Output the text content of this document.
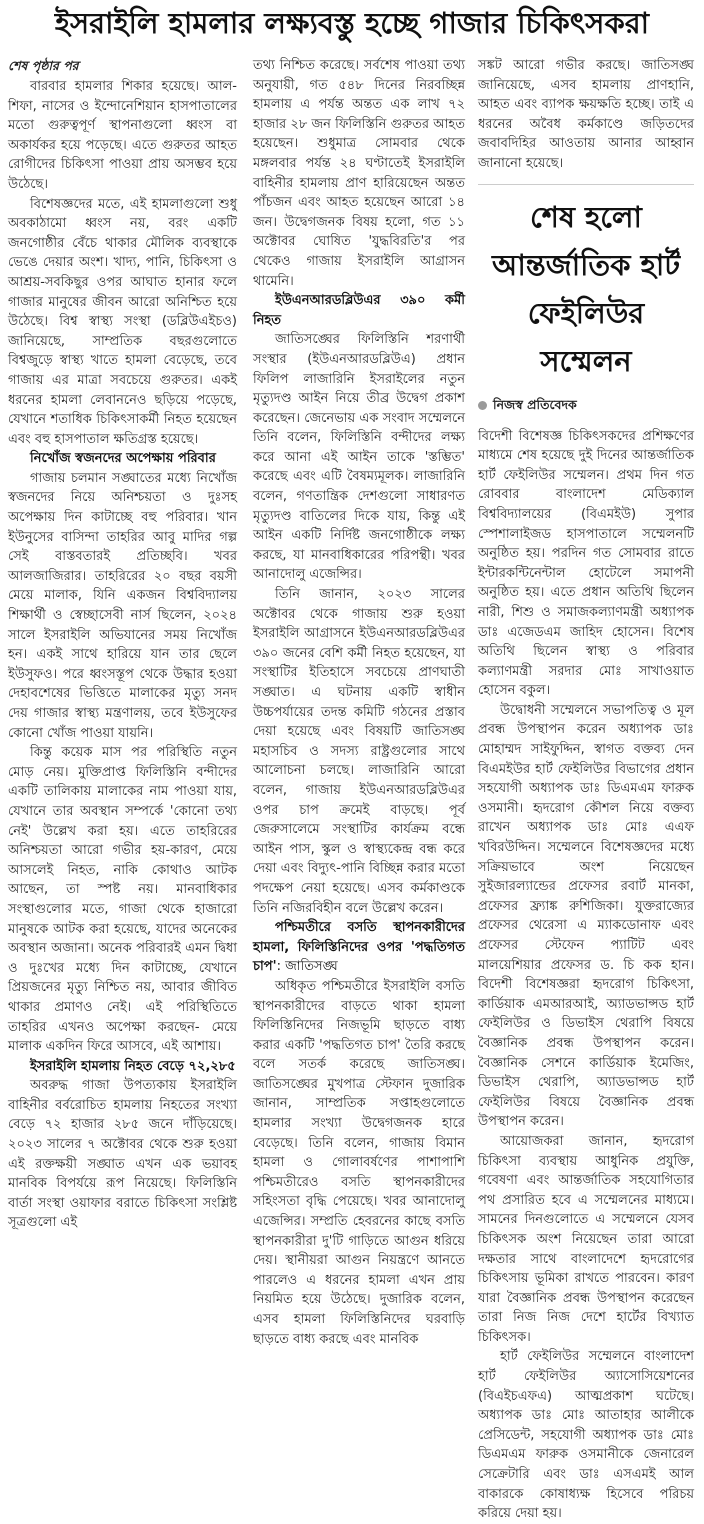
ইসরাইলি হামলার লক্ষ্যবস্তু হচ্ছে গাজার চিকিৎসকরা
শেষ পৃষ্ঠার পর

বারবার হামলার শিকার হয়েছে। আল-শিফা, নাসের ও ইন্দোনেশিয়ান হাসপাতালের মতো গুরুত্বপূর্ণ স্থাপনাগুলো ধ্বংস বা অকার্যকর হয়ে পড়েছে। এতে গুরুতর আহত রোগীদের চিকিৎসা পাওয়া প্রায় অসম্ভব হয়ে উঠেছে।

বিশেষজ্ঞদের মতে, এই হামলাগুলো শুধু অবকাঠামো ধ্বংস নয়, বরং একটি জনগোষ্ঠীর বেঁচে থাকার মৌলিক ব্যবস্থাকে ভেঙে দেয়ার অংশ। খাদ্য, পানি, চিকিৎসা ও আশ্রয়-সবকিছুর ওপর আঘাত হানার ফলে গাজার মানুষের জীবন আরো অনিশ্চিত হয়ে উঠেছে। বিশ্ব স্বাস্থ্য সংস্থা (ডব্লিউএইচও) জানিয়েছে, সাম্প্রতিক বছরগুলোতে বিশ্বজুড়ে স্বাস্থ্য খাতে হামলা বেড়েছে, তবে গাজায় এর মাত্রা সবচেয়ে গুরুতর। একই ধরনের হামলা লেবাননেও ছড়িয়ে পড়েছে, যেখানে শতাধিক চিকিৎসাকর্মী নিহত হয়েছেন এবং বহু হাসপাতাল ক্ষতিগ্রস্ত হয়েছে।

নিখোঁজ স্বজনদের অপেক্ষায় পরিবার

গাজায় চলমান সঙ্ঘাতের মধ্যে নিখোঁজ স্বজনদের নিয়ে অনিশ্চয়তা ও দুঃসহ অপেক্ষায় দিন কাটাচ্ছে বহু পরিবার। খান ইউনুসের বাসিন্দা তাহরির আবু মাদির গল্প সেই বাস্তবতারই প্রতিচ্ছবি। খবর আলজাজিরার। তাহরিরের ২০ বছর বয়সী মেয়ে মালাক, যিনি একজন বিশ্ববিদ্যালয় শিক্ষার্থী ও স্বেচ্ছাসেবী নার্স ছিলেন, ২০২৪ সালে ইসরাইলি অভিযানের সময় নিখোঁজ হন। একই সাথে হারিয়ে যান তার ছেলে ইউসুফও। পরে ধ্বংসস্তূপ থেকে উদ্ধার হওয়া দেহাবশেষের ভিত্তিতে মালাকের মৃত্যু সনদ দেয় গাজার স্বাস্থ্য মন্ত্রণালয়, তবে ইউসুফের কোনো খোঁজ পাওয়া যায়নি।

কিন্তু কয়েক মাস পর পরিস্থিতি নতুন মোড় নেয়। মুক্তিপ্রাপ্ত ফিলিস্তিনি বন্দীদের একটি তালিকায় মালাকের নাম পাওয়া যায়, যেখানে তার অবস্থান সম্পর্কে 'কোনো তথ্য নেই' উল্লেখ করা হয়। এতে তাহরিরের অনিশ্চয়তা আরো গভীর হয়-কারণ, মেয়ে আসলেই নিহত, নাকি কোথাও আটক আছেন, তা স্পষ্ট নয়। মানবাধিকার সংস্থাগুলোর মতে, গাজা থেকে হাজারো মানুষকে আটক করা হয়েছে, যাদের অনেকের অবস্থান অজানা। অনেক পরিবারই এমন দ্বিধা ও দুঃখের মধ্যে দিন কাটাচ্ছে, যেখানে প্রিয়জনের মৃত্যু নিশ্চিত নয়, আবার জীবিত থাকার প্রমাণও নেই। এই পরিস্থিতিতে তাহরির এখনও অপেক্ষা করছেন- মেয়ে মালাক একদিন ফিরে আসবে, এই আশায়।

ইসরাইলি হামলায় নিহত বেড়ে ৭২,২৮৫

অবরুদ্ধ গাজা উপত্যকায় ইসরাইলি বাহিনীর বর্বরোচিত হামলায় নিহতের সংখ্যা বেড়ে ৭২ হাজার ২৮৫ জনে দাঁড়িয়েছে। ২০২৩ সালের ৭ অক্টোবর থেকে শুরু হওয়া এই রক্তক্ষয়ী সঙ্ঘাত এখন এক ভয়াবহ মানবিক বিপর্যয়ে রূপ নিয়েছে। ফিলিস্তিনি বার্তা সংস্থা ওয়াফার বরাতে চিকিৎসা সংশ্লিষ্ট সূত্রগুলো এই

তথ্য নিশ্চিত করেছে। সর্বশেষ পাওয়া তথ্য অনুযায়ী, গত ৫৪৮ দিনের নিরবচ্ছিন্ন হামলায় এ পর্যন্ত অন্তত এক লাখ ৭২ হাজার ২৮ জন ফিলিস্তিনি গুরুতর আহত হয়েছেন। শুধুমাত্র সোমবার থেকে মঙ্গলবার পর্যন্ত ২৪ ঘণ্টাতেই ইসরাইলি বাহিনীর হামলায় প্রাণ হারিয়েছেন অন্তত পাঁচজন এবং আহত হয়েছেন আরো ১৪ জন। উদ্বেগজনক বিষয় হলো, গত ১১ অক্টোবর ঘোষিত 'যুদ্ধবিরতি'র পর থেকেও গাজায় ইসরাইলি আগ্রাসন থামেনি।

ইউএনআরডব্লিউএর ৩৯০ কর্মী নিহত

জাতিসঙ্ঘের ফিলিস্তিনি শরণার্থী সংস্থার (ইউএনআরডব্লিউএ) প্রধান ফিলিপ লাজারিনি ইসরাইলের নতুন মৃত্যুদণ্ড আইন নিয়ে তীব্র উদ্বেগ প্রকাশ করেছেন। জেনেভায় এক সংবাদ সম্মেলনে তিনি বলেন, ফিলিস্তিনি বন্দীদের লক্ষ্য করে আনা এই আইন তাকে 'স্তম্ভিত' করেছে এবং এটি বৈষম্যমূলক। লাজারিনি বলেন, গণতান্ত্রিক দেশগুলো সাধারণত মৃত্যুদণ্ড বাতিলের দিকে যায়, কিন্তু এই আইন একটি নির্দিষ্ট জনগোষ্ঠীকে লক্ষ্য করছে, যা মানবাধিকারের পরিপন্থী। খবর আনাদোলু এজেন্সির।

তিনি জানান, ২০২৩ সালের অক্টোবর থেকে গাজায় শুরু হওয়া ইসরাইলি আগ্রাসনে ইউএনআরডব্লিউএর ৩৯০ জনের বেশি কর্মী নিহত হয়েছেন, যা সংস্থাটির ইতিহাসে সবচেয়ে প্রাণঘাতী সঙ্ঘাত। এ ঘটনায় একটি স্বাধীন উচ্চপর্যায়ের তদন্ত কমিটি গঠনের প্রস্তাব দেয়া হয়েছে এবং বিষয়টি জাতিসঙ্ঘ মহাসচিব ও সদস্য রাষ্ট্রগুলোর সাথে আলোচনা চলছে। লাজারিনি আরো বলেন, গাজায় ইউএনআরডব্লিউএর ওপর চাপ ক্রমেই বাড়ছে। পূর্ব জেরুসালেমে সংস্থাটির কার্যক্রম বন্ধে আইন পাস, স্কুল ও স্বাস্থ্যকেন্দ্র বন্ধ করে দেয়া এবং বিদ্যুৎ-পানি বিচ্ছিন্ন করার মতো পদক্ষেপ নেয়া হয়েছে। এসব কর্মকাণ্ডকে তিনি নজিরবিহীন বলে উল্লেখ করেন।

পশ্চিমতীরে বসতি স্থাপনকারীদের হামলা, ফিলিস্তিনিদের ওপর 'পদ্ধতিগত চাপ': জাতিসঙ্ঘ

অধিকৃত পশ্চিমতীরে ইসরাইলি বসতি স্থাপনকারীদের বাড়তে থাকা হামলা ফিলিস্তিনিদের নিজভূমি ছাড়তে বাধ্য করার একটি 'পদ্ধতিগত চাপ' তৈরি করছে বলে সতর্ক করেছে জাতিসঙ্ঘ। জাতিসঙ্ঘের মুখপাত্র স্টেফান দুজারিক জানান, সাম্প্রতিক সপ্তাহগুলোতে হামলার সংখ্যা উদ্বেগজনক হারে বেড়েছে। তিনি বলেন, গাজায় বিমান হামলা ও গোলাবর্ষণের পাশাপাশি পশ্চিমতীরেও বসতি স্থাপনকারীদের সহিংসতা বৃদ্ধি পেয়েছে। খবর আনাদোলু এজেন্সির। সম্প্রতি হেবরনের কাছে বসতি স্থাপনকারীরা দু'টি গাড়িতে আগুন ধরিয়ে দেয়। স্থানীয়রা আগুন নিয়ন্ত্রণে আনতে পারলেও এ ধরনের হামলা এখন প্রায় নিয়মিত হয়ে উঠেছে। দুজারিক বলেন, এসব হামলা ফিলিস্তিনিদের ঘরবাড়ি ছাড়তে বাধ্য করছে এবং মানবিক

সঙ্কট আরো গভীর করছে। জাতিসঙ্ঘ জানিয়েছে, এসব হামলায় প্রাণহানি, আহত এবং ব্যাপক ক্ষয়ক্ষতি হচ্ছে। তাই এ ধরনের অবৈধ কর্মকাণ্ডে জড়িতদের জবাবদিহির আওতায় আনার আহ্বান জানানো হয়েছে।

শেষ হলো আন্তর্জাতিক হার্ট ফেইলিউর সম্মেলন
নিজস্ব প্রতিবেদক

বিদেশী বিশেষজ্ঞ চিকিৎসকদের প্রশিক্ষণের মাধ্যমে শেষ হয়েছে দুই দিনের আন্তর্জাতিক হার্ট ফেইলিউর সম্মেলন। প্রথম দিন গত রোববার বাংলাদেশ মেডিক্যাল বিশ্ববিদ্যালয়ের (বিএমইউ) সুপার স্পেশালাইজড হাসপাতালে সম্মেলনটি অনুষ্ঠিত হয়। পরদিন গত সোমবার রাতে ইন্টারকন্টিনেন্টাল হোটেলে সমাপনী অনুষ্ঠিত হয়। এতে প্রধান অতিথি ছিলেন নারী, শিশু ও সমাজকল্যাণমন্ত্রী অধ্যাপক ডাঃ এজেডএম জাহিদ হোসেন। বিশেষ অতিথি ছিলেন স্বাস্থ্য ও পরিবার কল্যাণমন্ত্রী সরদার মোঃ সাখাওয়াত হোসেন বকুল।

উদ্বোধনী সম্মেলনে সভাপতিত্ব ও মূল প্রবন্ধ উপস্থাপন করেন অধ্যাপক ডাঃ মোহাম্মদ সাইফুদ্দিন, স্বাগত বক্তব্য দেন বিএমইউর হার্ট ফেইলিউর বিভাগের প্রধান সহযোগী অধ্যাপক ডাঃ ডিএমএম ফারুক ওসমানী। হৃদরোগ কৌশল নিয়ে বক্তব্য রাখেন অধ্যাপক ডাঃ মোঃ এএফ খবিরউদ্দিন। সম্মেলনে বিশেষজ্ঞদের মধ্যে সক্রিয়ভাবে অংশ নিয়েছেন সুইজারল্যান্ডের প্রফেসর রবার্ট মানকা, প্রফেসর ফ্র্যাঙ্ক রুশিজিকা। যুক্তরাজ্যের প্রফেসর থেরেসা এ ম্যাকডোনাফ এবং প্রফেসর স্টেফেন প্যাটিট এবং মালয়েশিয়ার প্রফেসর ড. চি কক হান। বিদেশী বিশেষজ্ঞরা হৃদরোগ চিকিৎসা, কার্ডিয়াক এমআরআই, অ্যাডভান্সড হার্ট ফেইলিউর ও ডিভাইস থেরাপি বিষয়ে বৈজ্ঞানিক প্রবন্ধ উপস্থাপন করেন। বৈজ্ঞানিক সেশনে কার্ডিয়াক ইমেজিং, ডিভাইস থেরাপি, অ্যাডভান্সড হার্ট ফেইলিউর বিষয়ে বৈজ্ঞানিক প্রবন্ধ উপস্থাপন করেন।

আয়োজকরা জানান, হৃদরোগ চিকিৎসা ব্যবস্থায় আধুনিক প্রযুক্তি, গবেষণা এবং আন্তর্জাতিক সহযোগিতার পথ প্রসারিত হবে এ সম্মেলনের মাধ্যমে। সামনের দিনগুলোতে এ সম্মেলনে যেসব চিকিৎসক অংশ নিয়েছেন তারা আরো দক্ষতার সাথে বাংলাদেশে হৃদরোগের চিকিৎসায় ভূমিকা রাখতে পারবেন। কারণ যারা বৈজ্ঞানিক প্রবন্ধ উপস্থাপন করেছেন তারা নিজ নিজ দেশে হার্টের বিখ্যাত চিকিৎসক।

হার্ট ফেইলিউর সম্মেলনে বাংলাদেশ হার্ট ফেইলিউর অ্যাসোসিয়েশনের (বিএইচএফএ) আত্মপ্রকাশ ঘটেছে। অধ্যাপক ডাঃ মোঃ আতাহার আলীকে প্রেসিডেন্ট, সহযোগী অধ্যাপক ডাঃ মোঃ ডিএমএম ফারুক ওসমানীকে জেনারেল সেক্রেটারি এবং ডাঃ এসএমই আল বাকারকে কোষাধ্যক্ষ হিসেবে পরিচয় করিয়ে দেয়া হয়।
